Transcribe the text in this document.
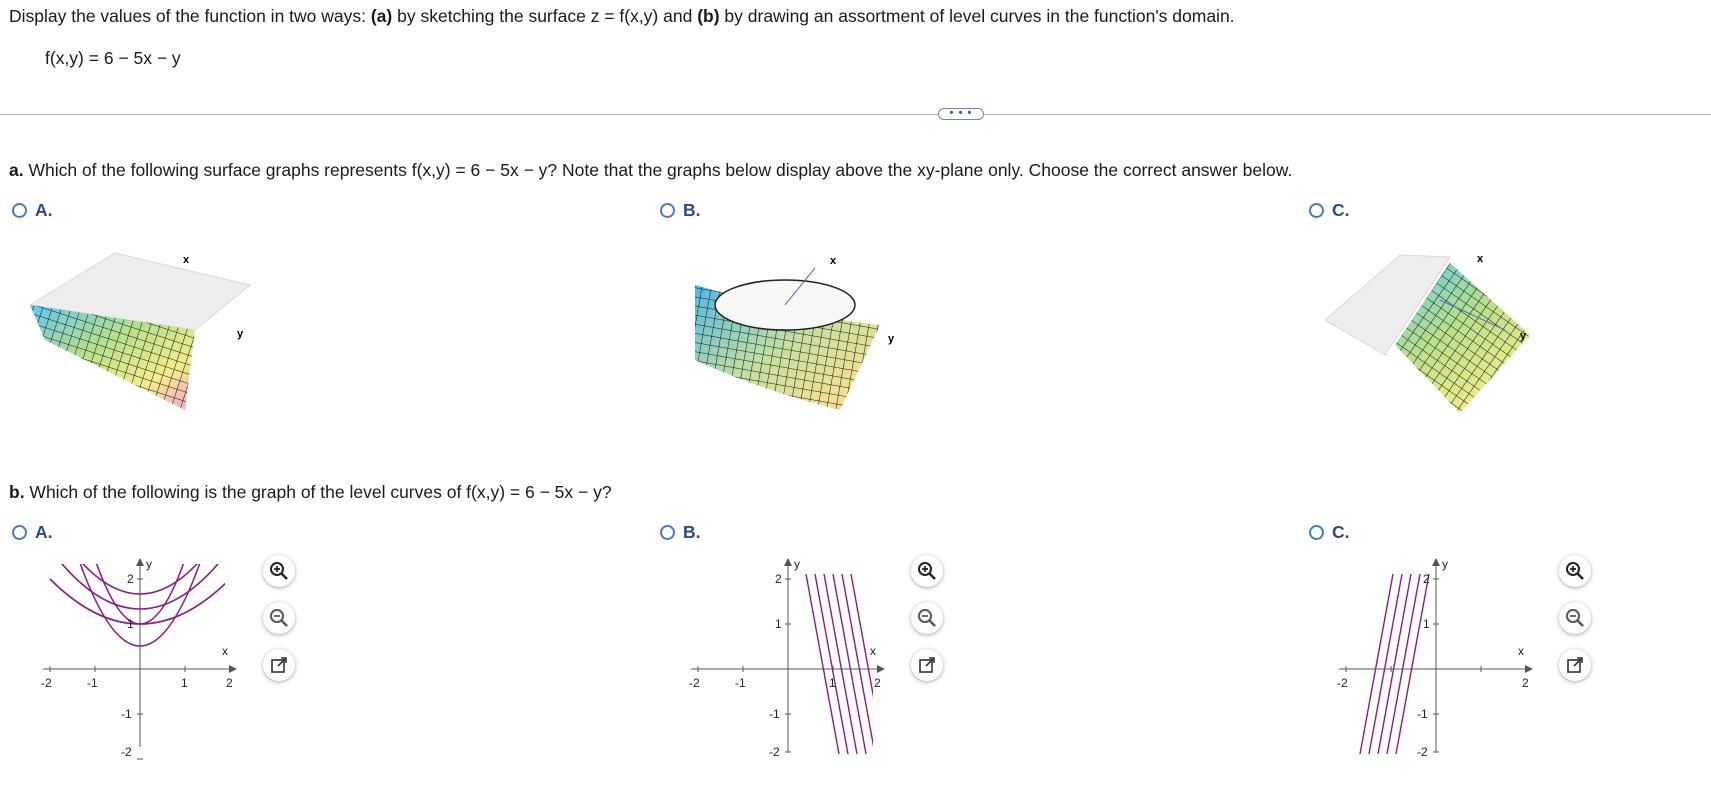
Display the values of the function in two ways: (a) by sketching the surface z = f(x,y) and (b) by drawing an assortment of level curves in the function's domain.
f(x,y) = 6 − 5x − y
• • •
a. Which of the following surface graphs represents f(x,y) = 6 − 5x − y? Note that the graphs below display above the xy-plane only. Choose the correct answer below.
A.	B.	C.
x
y
x
y
x
y
b. Which of the following is the graph of the level curves of f(x,y) = 6 − 5x − y?
A.	B.	C.
-2	-1	1	2
2
1
-1
-2
y
x
-2	-1	1	2
2
1
-1
-2
y
x
-2	-1	1	2
2
1
-1
-2
y
x
